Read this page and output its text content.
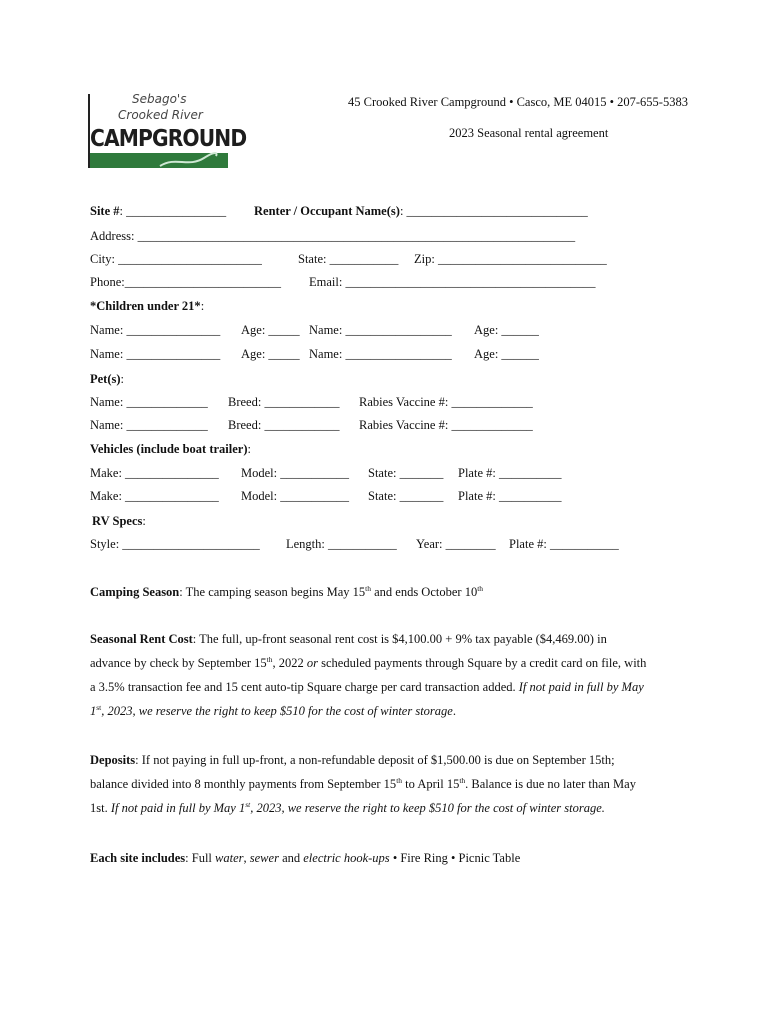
Sebago's
Crooked River
CAMPGROUND
45 Crooked River Campground • Casco, ME 04015 • 207-655-5383
2023 Seasonal rental agreement
Site #: ________________ Renter / Occupant Name(s): _____________________________
Address: ______________________________________________________________________
City: _______________________	State: ___________ Zip: ___________________________
Phone:_________________________ Email: ________________________________________
*Children under 21*:
Name: _______________ Age: _____ Name: _________________ Age: ______
Name: _______________ Age: _____ Name: _________________ Age: ______
Pet(s):
Name: _____________ Breed: ____________ Rabies Vaccine #: _____________
Name: _____________ Breed: ____________ Rabies Vaccine #: _____________
Vehicles (include boat trailer):
Make: _______________ Model: ___________ State: _______ Plate #: __________
Make: _______________ Model: ___________ State: _______ Plate #: __________
RV Specs:
Style: ______________________ Length: ___________ Year: ________ Plate #: ___________
Camping Season: The camping season begins May 15th and ends October 10th
Seasonal Rent Cost: The full, up-front seasonal rent cost is $4,100.00 + 9% tax payable ($4,469.00) in
advance by check by September 15th, 2022 or scheduled payments through Square by a credit card on file, with
a 3.5% transaction fee and 15 cent auto-tip Square charge per card transaction added. If not paid in full by May
1st, 2023, we reserve the right to keep $510 for the cost of winter storage.
Deposits: If not paying in full up-front, a non-refundable deposit of $1,500.00 is due on September 15th;
balance divided into 8 monthly payments from September 15th to April 15th. Balance is due no later than May
1st. If not paid in full by May 1st, 2023, we reserve the right to keep $510 for the cost of winter storage.
Each site includes: Full water, sewer and electric hook-ups • Fire Ring • Picnic Table
